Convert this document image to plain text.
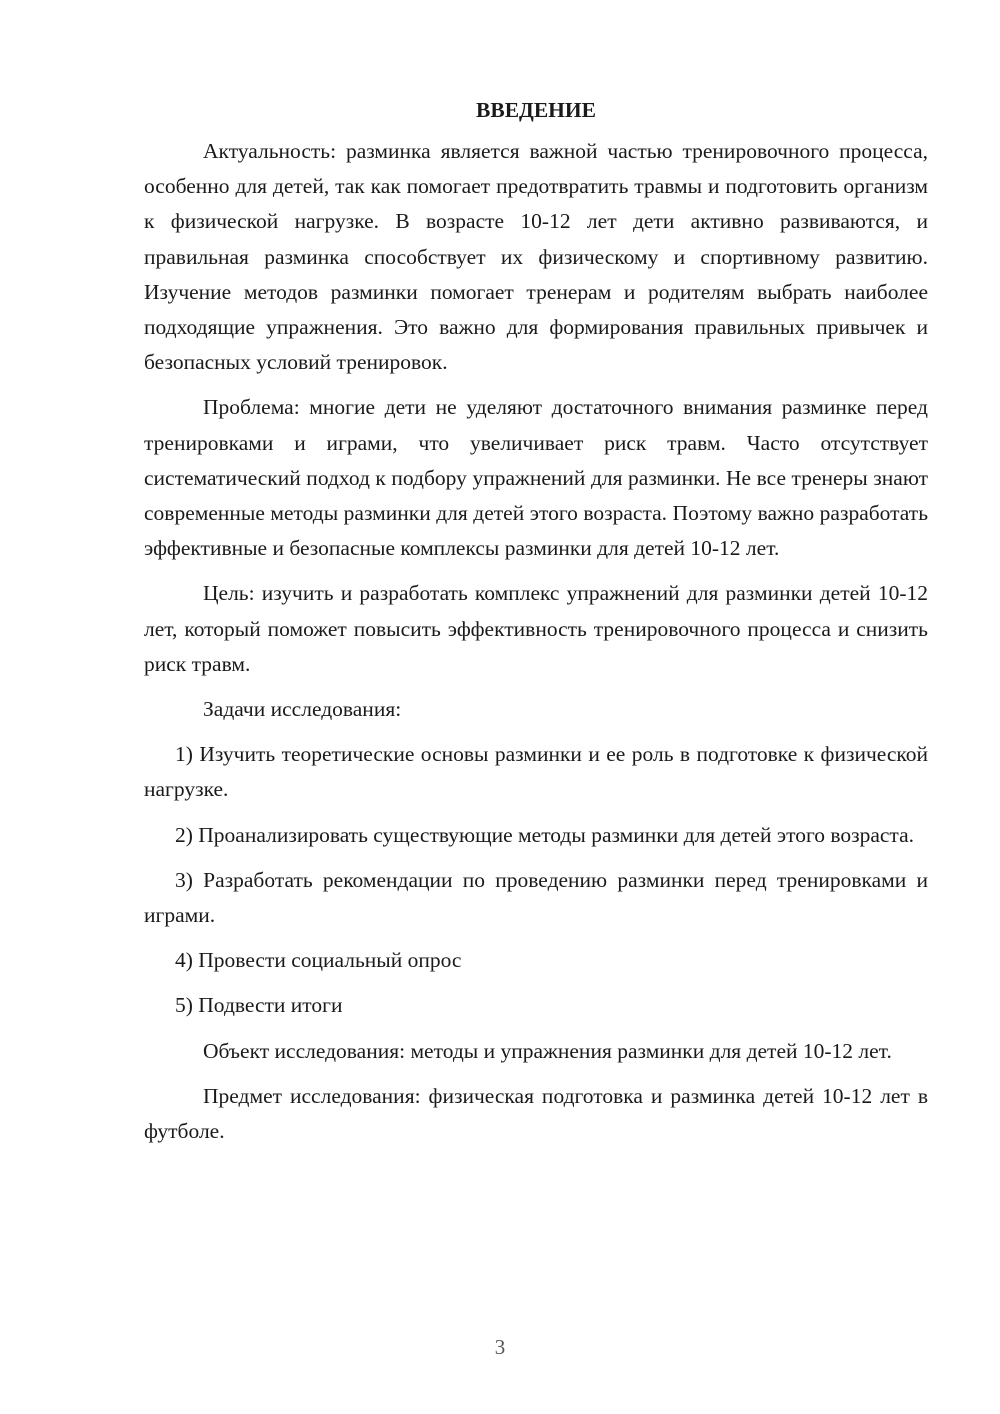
ВВЕДЕНИЕ

Актуальность: разминка является важной частью тренировочного процесса, особенно для детей, так как помогает предотвратить травмы и подготовить организм к физической нагрузке. В возрасте 10-12 лет дети активно развиваются, и правильная разминка способствует их физическому и спортивному развитию. Изучение методов разминки помогает тренерам и родителям выбрать наиболее подходящие упражнения. Это важно для формирования правильных привычек и безопасных условий тренировок.

Проблема: многие дети не уделяют достаточного внимания разминке перед тренировками и играми, что увеличивает риск травм. Часто отсутствует систематический подход к подбору упражнений для разминки. Не все тренеры знают современные методы разминки для детей этого возраста. Поэтому важно разработать эффективные и безопасные комплексы разминки для детей 10-12 лет.

Цель: изучить и разработать комплекс упражнений для разминки детей 10-12 лет, который поможет повысить эффективность тренировочного процесса и снизить риск травм.

Задачи исследования:

1) Изучить теоретические основы разминки и ее роль в подготовке к физической нагрузке.

2) Проанализировать существующие методы разминки для детей этого возраста.

3) Разработать рекомендации по проведению разминки перед тренировками и играми.

4) Провести социальный опрос

5) Подвести итоги

Объект исследования: методы и упражнения разминки для детей 10-12 лет.

Предмет исследования: физическая подготовка и разминка детей 10-12 лет в футболе.

3
